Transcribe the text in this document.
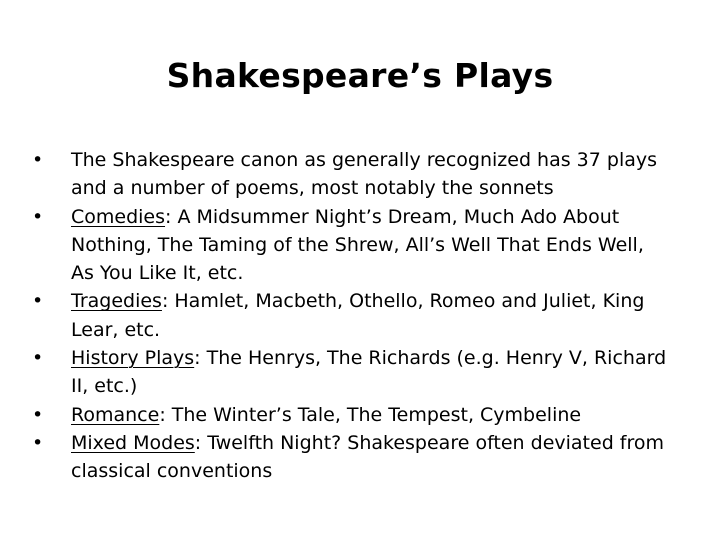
Shakespeare’s Plays
•	The Shakespeare canon as generally recognized has 37 plays and a number of poems, most notably the sonnets
•	Comedies: A Midsummer Night’s Dream, Much Ado About Nothing, The Taming of the Shrew, All’s Well That Ends Well, As You Like It, etc.
•	Tragedies: Hamlet, Macbeth, Othello, Romeo and Juliet, King Lear, etc.
•	History Plays: The Henrys, The Richards (e.g. Henry V, Richard II, etc.)
•	Romance: The Winter’s Tale, The Tempest, Cymbeline
•	Mixed Modes: Twelfth Night? Shakespeare often deviated from classical conventions
